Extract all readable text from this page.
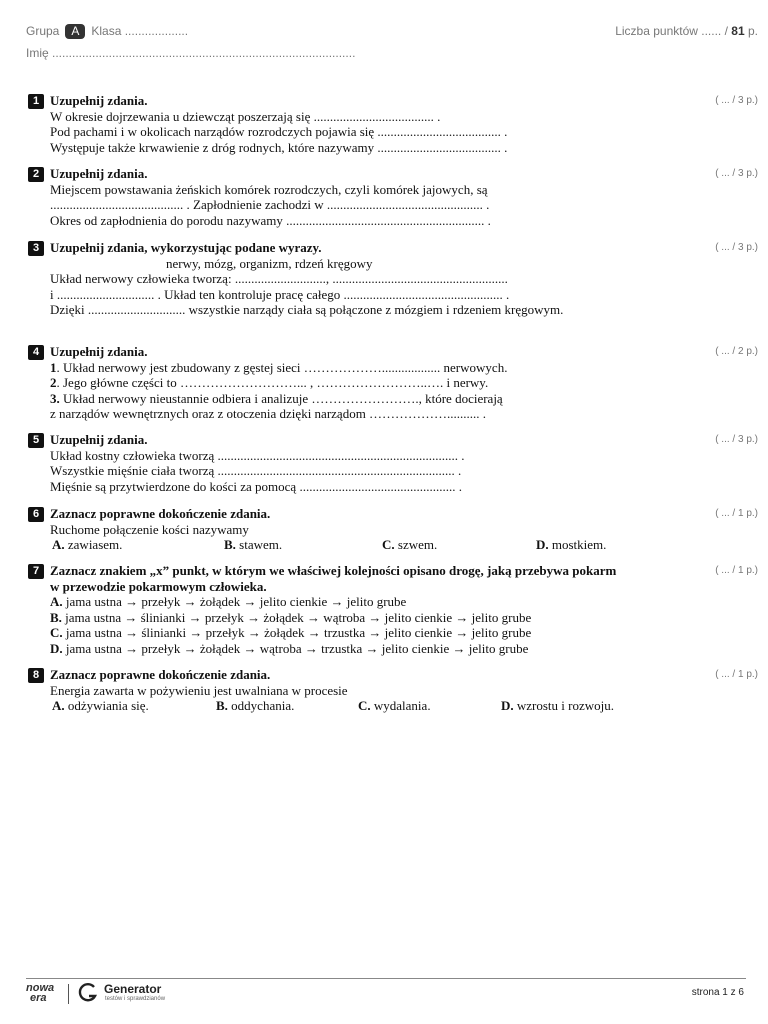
Grupa A Klasa ...................	Liczba punktów ...... / 81 p.
Imię ...........................................................................................
1	( ... / 3 p.)
Uzupełnij zdania.
W okresie dojrzewania u dziewcząt poszerzają się ..................................... .
Pod pachami i w okolicach narządów rozrodczych pojawia się ...................................... .
Występuje także krwawienie z dróg rodnych, które nazywamy ...................................... .
2	( ... / 3 p.)
Uzupełnij zdania.
Miejscem powstawania żeńskich komórek rozrodczych, czyli komórek jajowych, są
......................................... . Zapłodnienie zachodzi w ................................................ .
Okres od zapłodnienia do porodu nazywamy ............................................................. .
3	( ... / 3 p.)
Uzupełnij zdania, wykorzystując podane wyrazy.
nerwy, mózg, organizm, rdzeń kręgowy
Układ nerwowy człowieka tworzą: ............................, ......................................................
i .............................. . Układ ten kontroluje pracę całego ................................................. .
Dzięki .............................. wszystkie narządy ciała są połączone z mózgiem i rdzeniem kręgowym.
4	( ... / 2 p.)
Uzupełnij zdania.
1. Układ nerwowy jest zbudowany z gęstej sieci ……………….................. nerwowych.
2. Jego główne części to ………………………... , ……………………..…. i nerwy.
3. Układ nerwowy nieustannie odbiera i analizuje ……………………., które docierają
z narządów wewnętrznych oraz z otoczenia dzięki narządom ……………….......... .
5	( ... / 3 p.)
Uzupełnij zdania.
Układ kostny człowieka tworzą .......................................................................... .
Wszystkie mięśnie ciała tworzą ......................................................................... .
Mięśnie są przytwierdzone do kości za pomocą ................................................ .
6	( ... / 1 p.)
Zaznacz poprawne dokończenie zdania.
Ruchome połączenie kości nazywamy
A. zawiasem.	B. stawem.	C. szwem.	D. mostkiem.
7	( ... / 1 p.)
Zaznacz znakiem „x” punkt, w którym we właściwej kolejności opisano drogę, jaką przebywa pokarm
w przewodzie pokarmowym człowieka.
A. jama ustna → przełyk → żołądek → jelito cienkie → jelito grube
B. jama ustna → ślinianki → przełyk → żołądek → wątroba → jelito cienkie → jelito grube
C. jama ustna → ślinianki → przełyk → żołądek → trzustka → jelito cienkie → jelito grube
D. jama ustna → przełyk → żołądek → wątroba → trzustka → jelito cienkie → jelito grube
8	( ... / 1 p.)
Zaznacz poprawne dokończenie zdania.
Energia zawarta w pożywieniu jest uwalniana w procesie
A. odżywiania się.	B. oddychania.	C. wydalania.	D. wzrostu i rozwoju.
nowa
era
Generator
testów i sprawdzianów
strona 1 z 6
